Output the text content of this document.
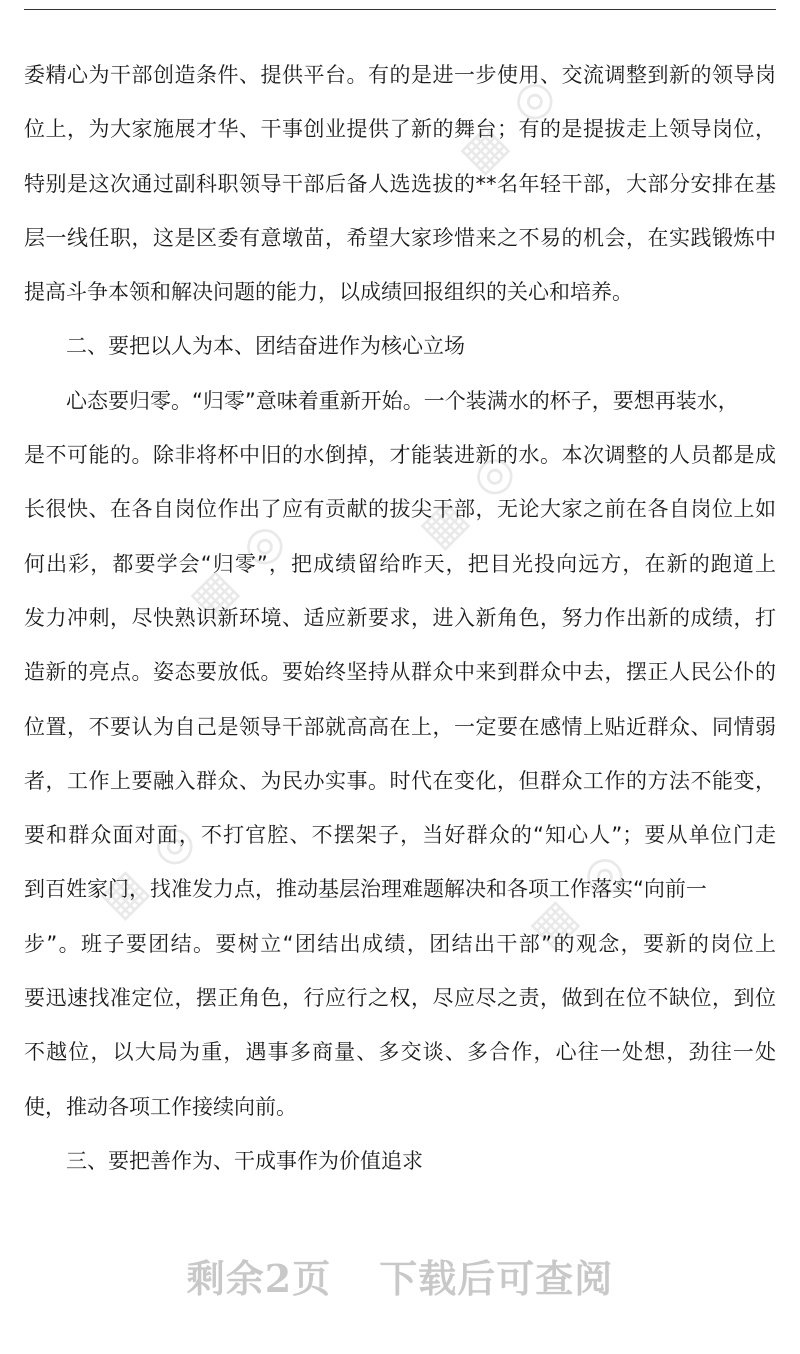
▦ ◎
▦ ◎
▦ ◎
▦ ◎	▦ ◎
委精心为干部创造条件、提供平台。有的是进一步使用、交流调整到新的领导岗
位上，为大家施展才华、干事创业提供了新的舞台；有的是提拔走上领导岗位，
特别是这次通过副科职领导干部后备人选选拔的**名年轻干部，大部分安排在基
层一线任职，这是区委有意墩苗，希望大家珍惜来之不易的机会，在实践锻炼中
提高斗争本领和解决问题的能力，以成绩回报组织的关心和培养。
二、要把以人为本、团结奋进作为核心立场
心态要归零。“归零”意味着重新开始。一个装满水的杯子，要想再装水，
是不可能的。除非将杯中旧的水倒掉，才能装进新的水。本次调整的人员都是成
长很快、在各自岗位作出了应有贡献的拔尖干部，无论大家之前在各自岗位上如
何出彩，都要学会“归零”，把成绩留给昨天，把目光投向远方，在新的跑道上
发力冲刺，尽快熟识新环境、适应新要求，进入新角色，努力作出新的成绩，打
造新的亮点。姿态要放低。要始终坚持从群众中来到群众中去，摆正人民公仆的
位置，不要认为自己是领导干部就高高在上，一定要在感情上贴近群众、同情弱
者，工作上要融入群众、为民办实事。时代在变化，但群众工作的方法不能变，
要和群众面对面，不打官腔、不摆架子，当好群众的“知心人”；要从单位门走
到百姓家门，找准发力点，推动基层治理难题解决和各项工作落实“向前一
步”。班子要团结。要树立“团结出成绩，团结出干部”的观念，要新的岗位上
要迅速找准定位，摆正角色，行应行之权，尽应尽之责，做到在位不缺位，到位
不越位，以大局为重，遇事多商量、多交谈、多合作，心往一处想，劲往一处
使，推动各项工作接续向前。
三、要把善作为、干成事作为价值追求
剩余2页 下载后可查阅
